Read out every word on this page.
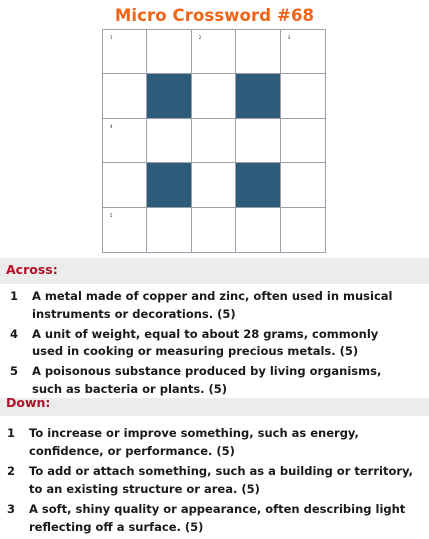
Micro Crossword #68
1	2	3
4
5
Across:
1 A metal made of copper and zinc, often used in musical instruments or decorations. (5)
4 A unit of weight, equal to about 28 grams, commonly used in cooking or measuring precious metals. (5)
5 A poisonous substance produced by living organisms, such as bacteria or plants. (5)
Down:
1 To increase or improve something, such as energy, confidence, or performance. (5)
2 To add or attach something, such as a building or territory, to an existing structure or area. (5)
3 A soft, shiny quality or appearance, often describing light reflecting off a surface. (5)
